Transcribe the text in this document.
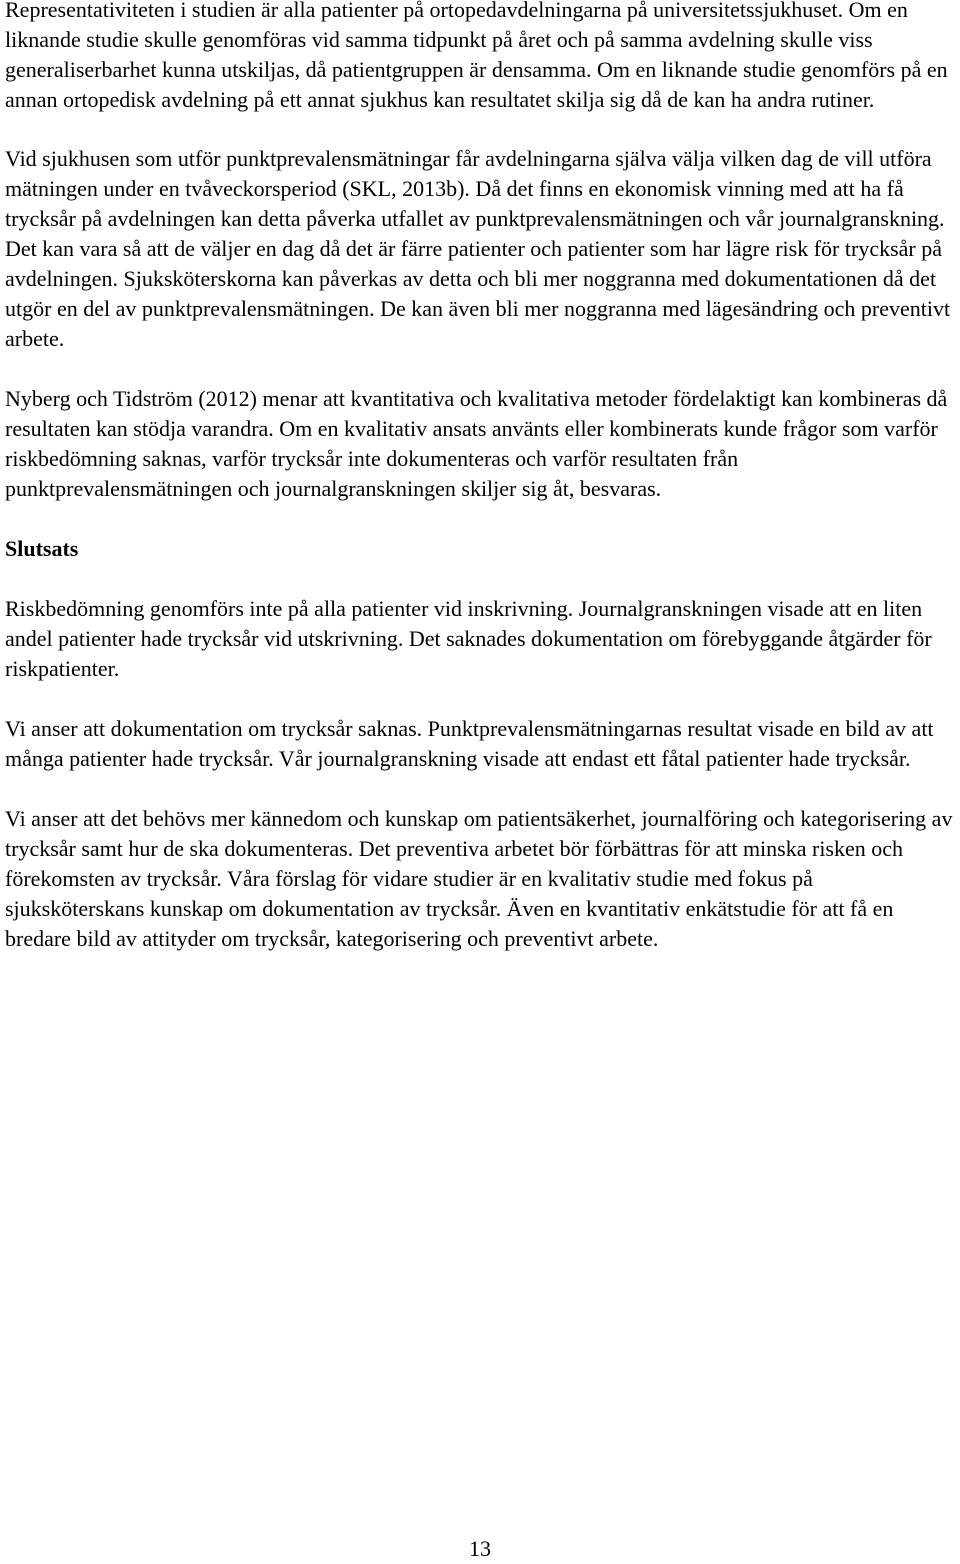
Representativiteten i studien är alla patienter på ortopedavdelningarna på universitetssjukhuset. Om en liknande studie skulle genomföras vid samma tidpunkt på året och på samma avdelning skulle viss generaliserbarhet kunna utskiljas, då patientgruppen är densamma. Om en liknande studie genomförs på en annan ortopedisk avdelning på ett annat sjukhus kan resultatet skilja sig då de kan ha andra rutiner.

Vid sjukhusen som utför punktprevalensmätningar får avdelningarna själva välja vilken dag de vill utföra mätningen under en tvåveckorsperiod (SKL, 2013b). Då det finns en ekonomisk vinning med att ha få trycksår på avdelningen kan detta påverka utfallet av punktprevalensmätningen och vår journalgranskning. Det kan vara så att de väljer en dag då det är färre patienter och patienter som har lägre risk för trycksår på avdelningen. Sjuksköterskorna kan påverkas av detta och bli mer noggranna med dokumentationen då det utgör en del av punktprevalensmätningen. De kan även bli mer noggranna med lägesändring och preventivt arbete.

Nyberg och Tidström (2012) menar att kvantitativa och kvalitativa metoder fördelaktigt kan kombineras då resultaten kan stödja varandra. Om en kvalitativ ansats använts eller kombinerats kunde frågor som varför riskbedömning saknas, varför trycksår inte dokumenteras och varför resultaten från punktprevalensmätningen och journalgranskningen skiljer sig åt, besvaras.

Slutsats

Riskbedömning genomförs inte på alla patienter vid inskrivning. Journalgranskningen visade att en liten andel patienter hade trycksår vid utskrivning. Det saknades dokumentation om förebyggande åtgärder för riskpatienter.

Vi anser att dokumentation om trycksår saknas. Punktprevalensmätningarnas resultat visade en bild av att många patienter hade trycksår. Vår journalgranskning visade att endast ett fåtal patienter hade trycksår.

Vi anser att det behövs mer kännedom och kunskap om patientsäkerhet, journalföring och kategorisering av trycksår samt hur de ska dokumenteras. Det preventiva arbetet bör förbättras för att minska risken och förekomsten av trycksår. Våra förslag för vidare studier är en kvalitativ studie med fokus på sjuksköterskans kunskap om dokumentation av trycksår. Även en kvantitativ enkätstudie för att få en bredare bild av attityder om trycksår, kategorisering och preventivt arbete.

13
